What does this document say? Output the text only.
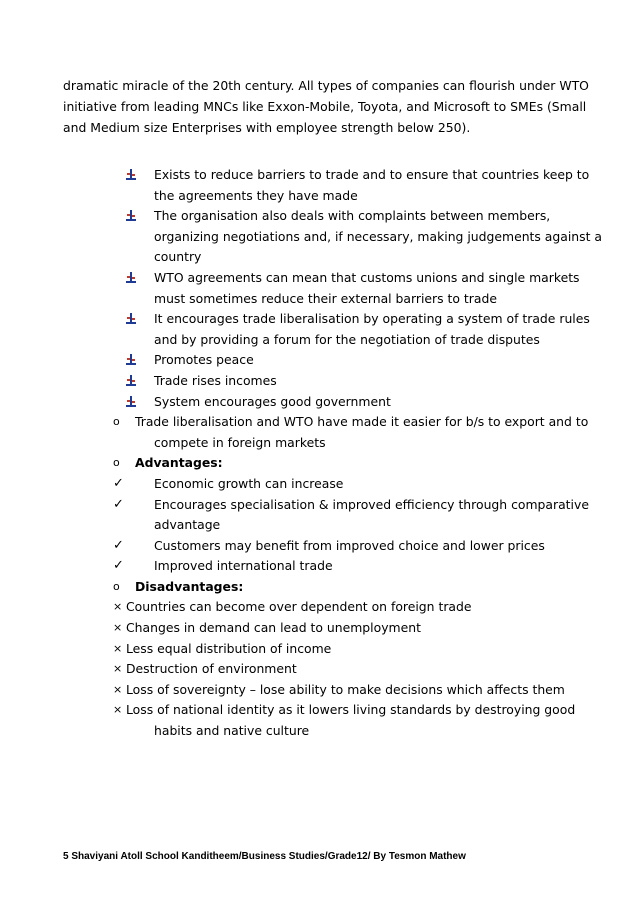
dramatic miracle of the 20th century. All types of companies can flourish under WTO
initiative from leading MNCs like Exxon-Mobile, Toyota, and Microsoft to SMEs (Small
and Medium size Enterprises with employee strength below 250).
Exists to reduce barriers to trade and to ensure that countries keep to the agreements they have made
The organisation also deals with complaints between members, organizing negotiations and, if necessary, making judgements against a country
WTO agreements can mean that customs unions and single markets must sometimes reduce their external barriers to trade
It encourages trade liberalisation by operating a system of trade rules and by providing a forum for the negotiation of trade disputes
Promotes peace
Trade rises incomes
System encourages good government
o Trade liberalisation and WTO have made it easier for b/s to export and to compete in foreign markets
o Advantages:
✓ Economic growth can increase
✓ Encourages specialisation & improved efficiency through comparative advantage
✓ Customers may benefit from improved choice and lower prices
✓ Improved international trade
o Disadvantages:
× Countries can become over dependent on foreign trade
× Changes in demand can lead to unemployment
× Less equal distribution of income
× Destruction of environment
× Loss of sovereignty – lose ability to make decisions which affects them
× Loss of national identity as it lowers living standards by destroying good habits and native culture
5 Shaviyani Atoll School Kanditheem/Business Studies/Grade12/ By Tesmon Mathew
